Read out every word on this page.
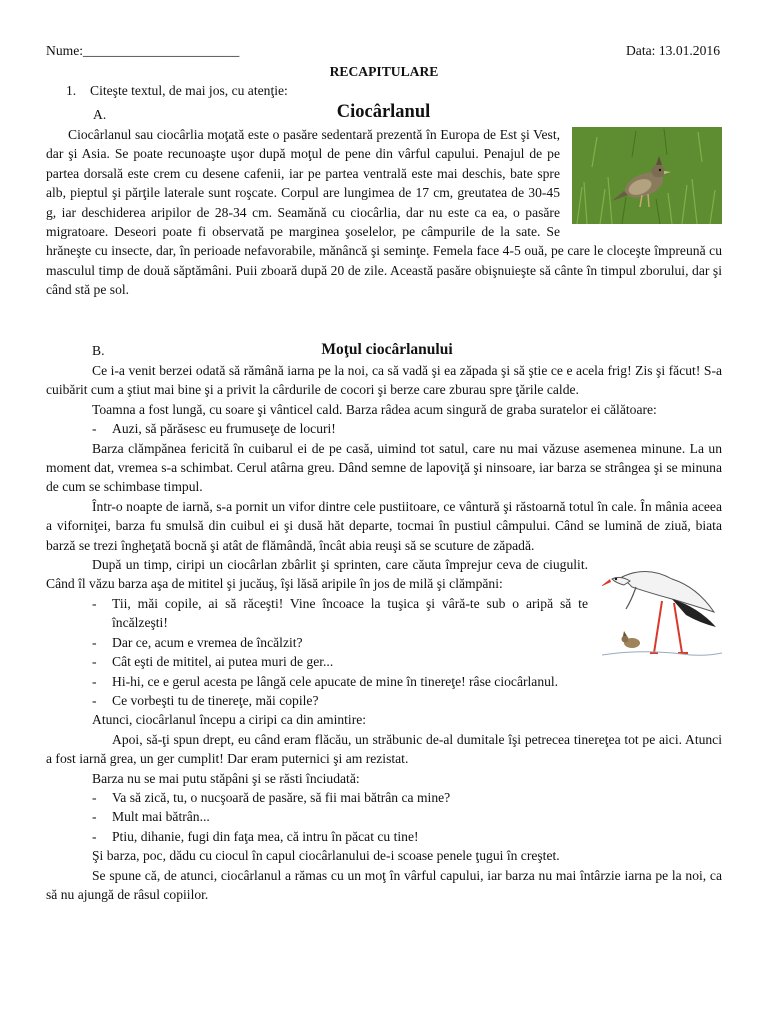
Nume:_______________________	Data: 13.01.2016
RECAPITULARE
1. Citeşte textul, de mai jos, cu atenţie:
A.	Ciocârlanul

Ciocârlanul sau ciocârlia moţată este o pasăre sedentară prezentă în Europa de Est şi Vest, dar şi Asia. Se poate recunoaşte uşor după moţul de pene din vârful capului. Penajul de pe partea dorsală este crem cu desene cafenii, iar pe partea ventrală este mai deschis, bate spre alb, pieptul şi părţile laterale sunt roşcate. Corpul are lungimea de 17 cm, greutatea de 30-45 g, iar deschiderea aripilor de 28-34 cm. Seamănă cu ciocârlia, dar nu este ca ea, o pasăre migratoare. Deseori poate fi observată pe marginea şoselelor, pe câmpurile de la sate. Se hrăneşte cu insecte, dar, în perioade nefavorabile, mănâncă şi seminţe. Femela face 4-5 ouă, pe care le cloceşte împreună cu masculul timp de două săptămâni. Puii zboară după 20 de zile. Această pasăre obişnuieşte să cânte în timpul zborului, dar şi când stă pe sol.

B.	Moţul ciocârlanului

Ce i-a venit berzei odată să rămână iarna pe la noi, ca să vadă şi ea zăpada şi să ştie ce e acela frig! Zis şi făcut! S-a cuibărit cum a ştiut mai bine şi a privit la cârdurile de cocori şi berze care zburau spre ţările calde.

Toamna a fost lungă, cu soare şi vânticel cald. Barza râdea acum singură de graba suratelor ei călătoare:

- Auzi, să părăsesc eu frumuseţe de locuri!

Barza clămpănea fericită în cuibarul ei de pe casă, uimind tot satul, care nu mai văzuse asemenea minune. La un moment dat, vremea s-a schimbat. Cerul atârna greu. Dând semne de lapoviţă şi ninsoare, iar barza se strângea şi se minuna de cum se schimbase timpul.

Într-o noapte de iarnă, s-a pornit un vifor dintre cele pustiitoare, ce vântură şi răstoarnă totul în cale. În mânia aceea a viforniţei, barza fu smulsă din cuibul ei şi dusă hăt departe, tocmai în pustiul câmpului. Când se lumină de ziuă, biata barză se trezi îngheţată bocnă şi atât de flămândă, încât abia reuşi să se scuture de zăpadă.

După un timp, ciripi un ciocârlan zbârlit şi sprinten, care căuta împrejur ceva de ciugulit. Când îl văzu barza aşa de mititel şi jucăuş, îşi lăsă aripile în jos de milă şi clămpăni:

- Tii, măi copile, ai să răceşti! Vine încoace la tuşica şi vâră-te sub o aripă să te încălzeşti!

- Dar ce, acum e vremea de încălzit?

- Cât eşti de mititel, ai putea muri de ger...

- Hi-hi, ce e gerul acesta pe lângă cele apucate de mine în tinereţe! râse ciocârlanul.

- Ce vorbeşti tu de tinereţe, măi copile?

Atunci, ciocârlanul începu a ciripi ca din amintire:

- Apoi, să-ţi spun drept, eu când eram flăcău, un străbunic de-al dumitale îşi petrecea tinereţea tot pe aici. Atunci a fost iarnă grea, un ger cumplit! Dar eram puternici şi am rezistat.

Barza nu se mai putu stăpâni şi se răsti înciudată:

- Va să zică, tu, o nucşoară de pasăre, să fii mai bătrân ca mine?

- Mult mai bătrân...

- Ptiu, dihanie, fugi din faţa mea, că intru în păcat cu tine!

Şi barza, poc, dădu cu ciocul în capul ciocârlanului de-i scoase penele ţugui în creştet.

Se spune că, de atunci, ciocârlanul a rămas cu un moţ în vârful capului, iar barza nu mai întârzie iarna pe la noi, ca să nu ajungă de râsul copiilor.
